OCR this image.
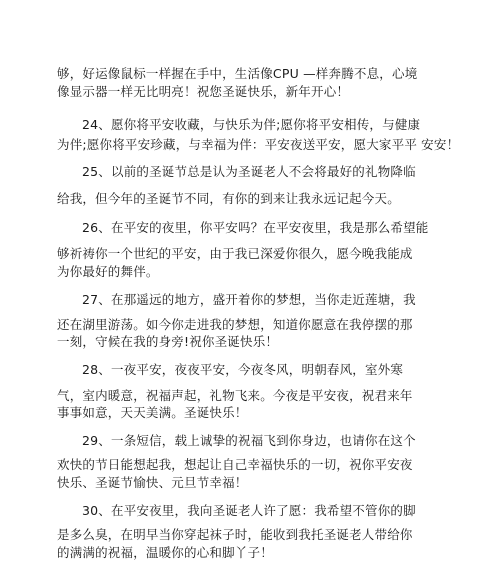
够，好运像鼠标一样握在手中，生活像CPU —样奔腾不息，心境
像显示器一样无比明亮！祝您圣诞快乐，新年开心！
24、愿你将平安收藏，与快乐为伴;愿你将平安相传，与健康
为伴;愿你将平安珍藏，与幸福为伴：平安夜送平安，愿大家平平 安安！
25、以前的圣诞节总是认为圣诞老人不会将最好的礼物降临
给我，但今年的圣诞节不同，有你的到来让我永远记起今天。
26、在平安的夜里，你平安吗？在平安夜里，我是那么希望能
够祈祷你一个世纪的平安，由于我已深爱你很久，愿今晚我能成
为你最好的舞伴。
27、在那遥远的地方，盛开着你的梦想，当你走近莲塘，我
还在湖里游荡。如今你走进我的梦想，知道你愿意在我停摆的那
一刻，守候在我的身旁!祝你圣诞快乐！
28、一夜平安，夜夜平安，今夜冬风，明朝春风，室外寒
气，室内暖意，祝福声起，礼物飞来。今夜是平安夜，祝君来年
事事如意，天天美满。圣诞快乐！
29、一条短信，载上诚挚的祝福飞到你身边，也请你在这个
欢快的节日能想起我，想起让自己幸福快乐的一切，祝你平安夜
快乐、圣诞节愉快、元旦节幸福！
30、在平安夜里，我向圣诞老人许了愿：我希望不管你的脚
是多么臭，在明早当你穿起袜子时，能收到我托圣诞老人带给你
的满满的祝福，温暖你的心和脚丫子！
